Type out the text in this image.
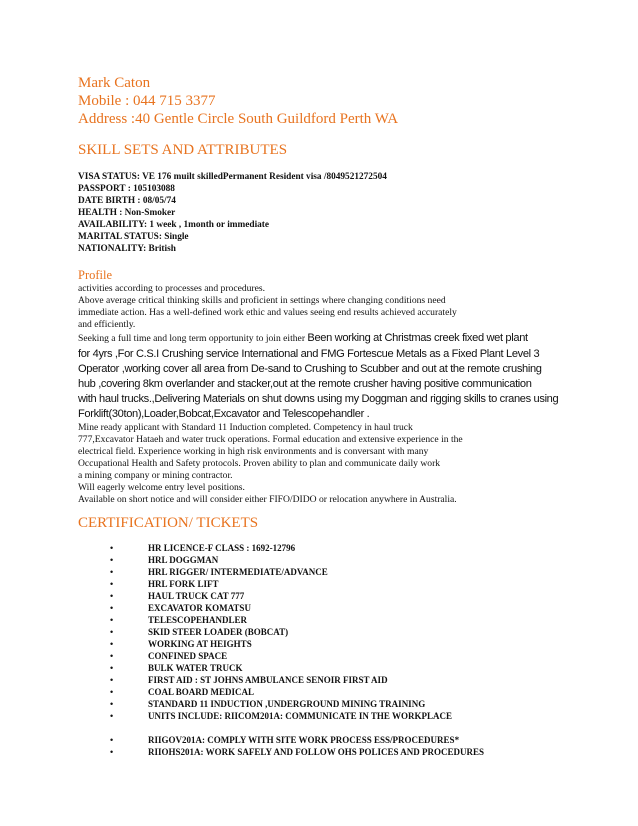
Mark Caton
Mobile : 044 715 3377
Address :40 Gentle Circle South Guildford Perth WA
SKILL SETS AND ATTRIBUTES
VISA STATUS: VE 176 muilt skilledPermanent Resident visa /8049521272504
PASSPORT : 105103088
DATE BIRTH : 08/05/74
HEALTH : Non-Smoker
AVAILABILITY: 1 week , 1month or immediate
MARITAL STATUS: Single
NATIONALITY: British
Profile
activities according to processes and procedures.
Above average critical thinking skills and proficient in settings where changing conditions need
immediate action. Has a well-defined work ethic and values seeing end results achieved accurately
and efficiently.
Seeking a full time and long term opportunity to join either Been working at Christmas creek fixed wet plant
for 4yrs ,For C.S.I Crushing service International and FMG Fortescue Metals as a Fixed Plant Level 3
Operator ,working cover all area from De-sand to Crushing to Scubber and out at the remote crushing
hub ,covering 8km overlander and stacker,out at the remote crusher having positive communication
with haul trucks.,Delivering Materials on shut downs using my Doggman and rigging skills to cranes using
Forklift(30ton),Loader,Bobcat,Excavator and Telescopehandler .
Mine ready applicant with Standard 11 Induction completed. Competency in haul truck
777,Excavator Hataeh and water truck operations. Formal education and extensive experience in the
electrical field. Experience working in high risk environments and is conversant with many
Occupational Health and Safety protocols. Proven ability to plan and communicate daily work
a mining company or mining contractor.
Will eagerly welcome entry level positions.
Available on short notice and will consider either FIFO/DIDO or relocation anywhere in Australia.
CERTIFICATION/ TICKETS
•	HR LICENCE-F CLASS : 1692-12796
•	HRL DOGGMAN
•	HRL RIGGER/ INTERMEDIATE/ADVANCE
•	HRL FORK LIFT
•	HAUL TRUCK CAT 777
•	EXCAVATOR KOMATSU
•	TELESCOPEHANDLER
•	SKID STEER LOADER (BOBCAT)
•	WORKING AT HEIGHTS
•	CONFINED SPACE
•	BULK WATER TRUCK
•	FIRST AID : ST JOHNS AMBULANCE SENOIR FIRST AID
•	COAL BOARD MEDICAL
•	STANDARD 11 INDUCTION ,UNDERGROUND MINING TRAINING
•	UNITS INCLUDE: RIICOM201A: COMMUNICATE IN THE WORKPLACE
•	RIIGOV201A: COMPLY WITH SITE WORK PROCESS ESS/PROCEDURES*
•	RIIOHS201A: WORK SAFELY AND FOLLOW OHS POLICES AND PROCEDURES
